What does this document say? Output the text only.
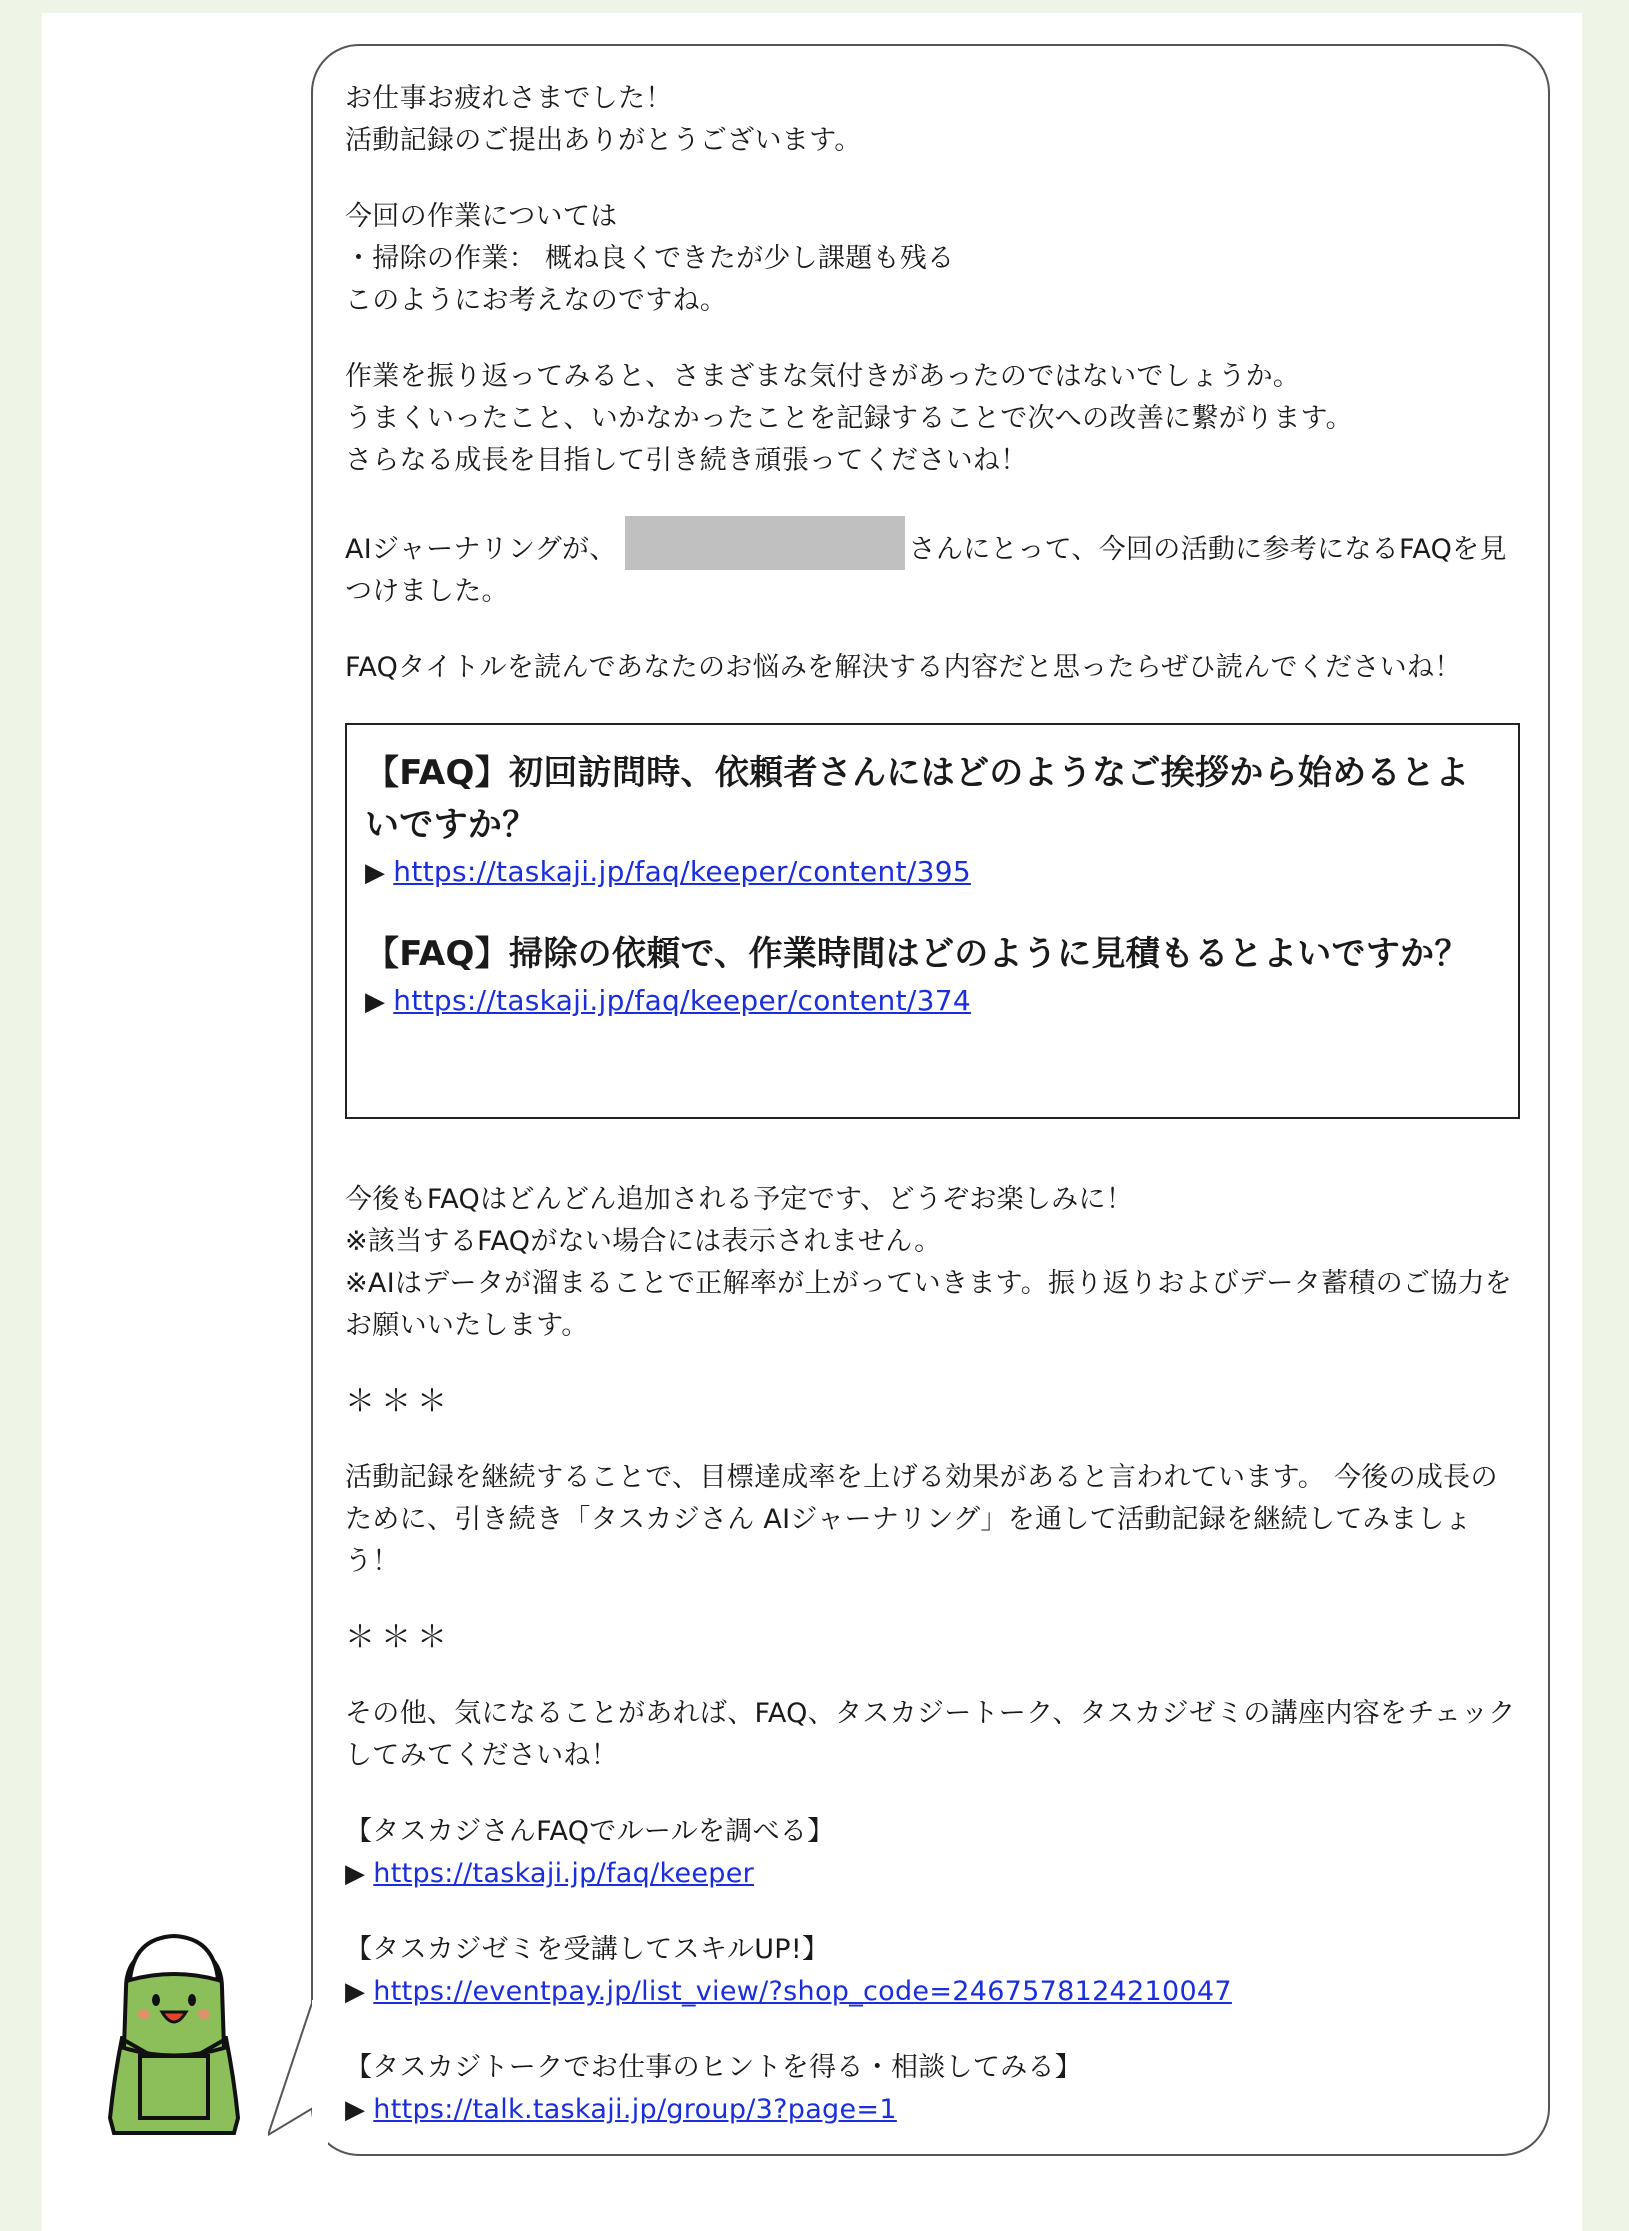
お仕事お疲れさまでした！
活動記録のご提出ありがとうございます。

今回の作業については
・掃除の作業： 概ね良くできたが少し課題も残る
このようにお考えなのですね。

作業を振り返ってみると、さまざまな気付きがあったのではないでしょうか。
うまくいったこと、いかなかったことを記録することで次への改善に繋がります。
さらなる成長を目指して引き続き頑張ってくださいね！

AIジャーナリングが、	さんにとって、今回の活動に参考になるFAQを見つけました。

FAQタイトルを読んであなたのお悩みを解決する内容だと思ったらぜひ読んでくださいね！

【FAQ】初回訪問時、依頼者さんにはどのようなご挨拶から始めるとよいですか？
▶ https://taskaji.jp/faq/keeper/content/395
【FAQ】掃除の依頼で、作業時間はどのように見積もるとよいですか？
▶ https://taskaji.jp/faq/keeper/content/374

今後もFAQはどんどん追加される予定です、どうぞお楽しみに！
※該当するFAQがない場合には表示されません。
※AIはデータが溜まることで正解率が上がっていきます。振り返りおよびデータ蓄積のご協力をお願いいたします。

＊＊＊

活動記録を継続することで、目標達成率を上げる効果があると言われています。 今後の成長のために、引き続き「タスカジさん AIジャーナリング」を通して活動記録を継続してみましょう！

＊＊＊

その他、気になることがあれば、FAQ、タスカジートーク、タスカジゼミの講座内容をチェックしてみてくださいね！

【タスカジさんFAQでルールを調べる】
▶ https://taskaji.jp/faq/keeper

【タスカジゼミを受講してスキルUP!】
▶ https://eventpay.jp/list_view/?shop_code=2467578124210047

【タスカジトークでお仕事のヒントを得る・相談してみる】
▶ https://talk.taskaji.jp/group/3?page=1
